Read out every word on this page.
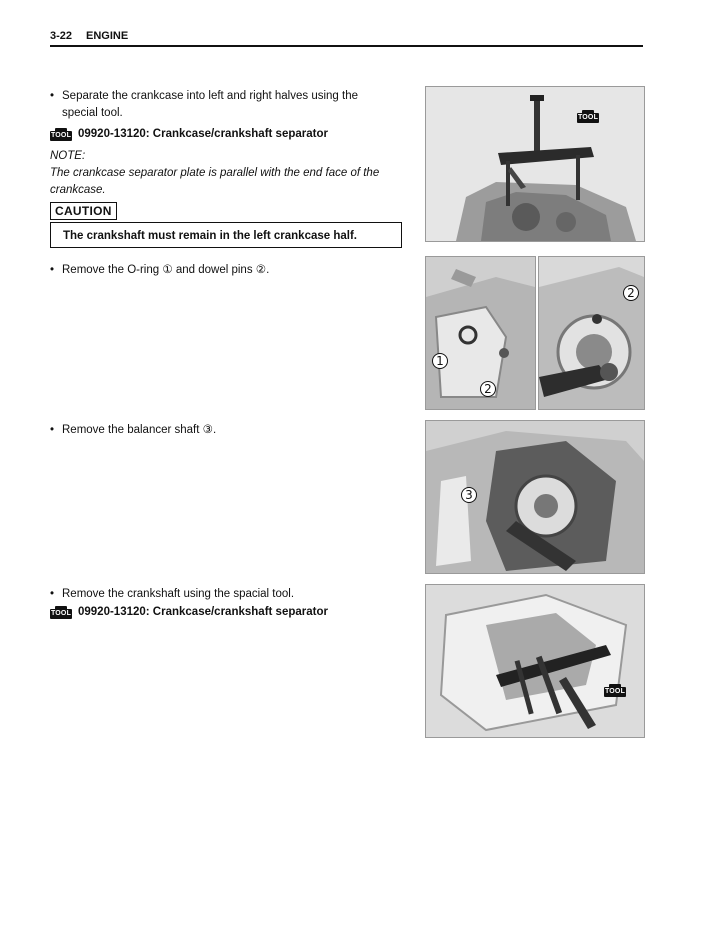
3-22 ENGINE
• Separate the crankcase into left and right halves using the
special tool.
TOOL 09920-13120: Crankcase/crankshaft separator
NOTE:
The crankcase separator plate is parallel with the end face of the crankcase.
CAUTION
The crankshaft must remain in the left crankcase half.
• Remove the O-ring ① and dowel pins ②.
• Remove the balancer shaft ③.
• Remove the crankshaft using the spacial tool.
TOOL 09920-13120: Crankcase/crankshaft separator
TOOL
1
2
2
3
TOOL
